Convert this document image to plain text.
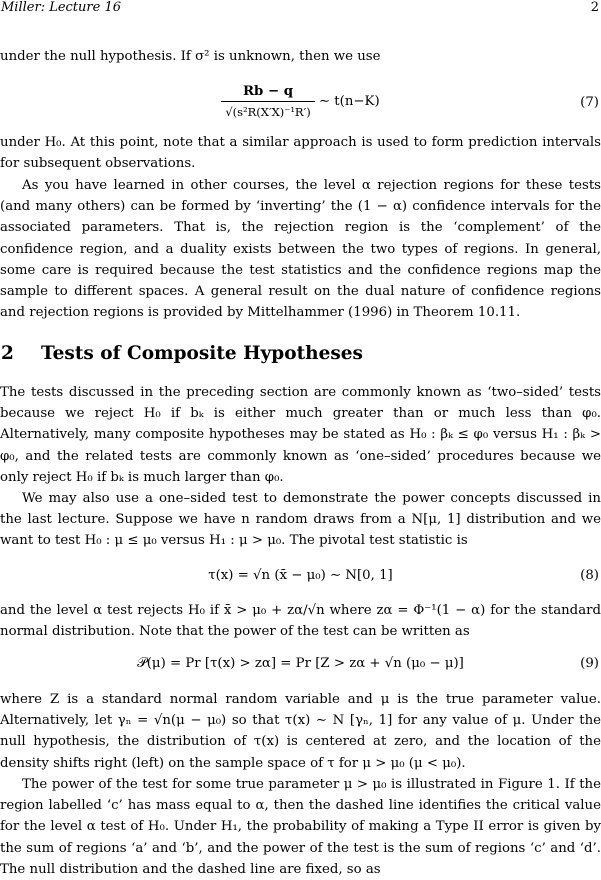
Miller: Lecture 16	2
under the null hypothesis. If σ² is unknown, then we use
$\frac{Rb - q}{\text{√(s²R(X′X)⁻¹R′)}}$ ∼ t(n−K)	(7)
under H₀. At this point, note that a similar approach is used to form prediction intervals for subsequent observations.
As you have learned in other courses, the level α rejection regions for these tests (and many others) can be formed by ‘inverting’ the (1 − α) confidence intervals for the associated parameters. That is, the rejection region is the ‘complement’ of the confidence region, and a duality exists between the two types of regions. In general, some care is required because the test statistics and the confidence regions map the sample to different spaces. A general result on the dual nature of confidence regions and rejection regions is provided by Mittelhammer (1996) in Theorem 10.11.
2 Tests of Composite Hypotheses
The tests discussed in the preceding section are commonly known as ‘two–sided’ tests because we reject H₀ if bₖ is either much greater than or much less than φ₀. Alternatively, many composite hypotheses may be stated as H₀ : βₖ ≤ φ₀ versus H₁ : βₖ > φ₀, and the related tests are commonly known as ‘one–sided’ procedures because we only reject H₀ if bₖ is much larger than φ₀.
We may also use a one–sided test to demonstrate the power concepts discussed in the last lecture. Suppose we have n random draws from a N[μ, 1] distribution and we want to test H₀ : μ ≤ μ₀ versus H₁ : μ > μ₀. The pivotal test statistic is
τ(x) = √n (x̄ − μ₀) ∼ N[0, 1]	(8)
and the level α test rejects H₀ if x̄ > μ₀ + zα/√n where zα = Φ⁻¹(1 − α) for the standard normal distribution. Note that the power of the test can be written as
𝒫(μ) = Pr [τ(x) > zα] = Pr [Z > zα + √n (μ₀ − μ)]	(9)
where Z is a standard normal random variable and μ is the true parameter value. Alternatively, let γₙ = √n(μ − μ₀) so that τ(x) ∼ N [γₙ, 1] for any value of μ. Under the null hypothesis, the distribution of τ(x) is centered at zero, and the location of the density shifts right (left) on the sample space of τ for μ > μ₀ (μ < μ₀).
The power of the test for some true parameter μ > μ₀ is illustrated in Figure 1. If the region labelled ‘c’ has mass equal to α, then the dashed line identifies the critical value for the level α test of H₀. Under H₁, the probability of making a Type II error is given by the sum of regions ‘a’ and ‘b’, and the power of the test is the sum of regions ‘c’ and ‘d’. The null distribution and the dashed line are fixed, so as
